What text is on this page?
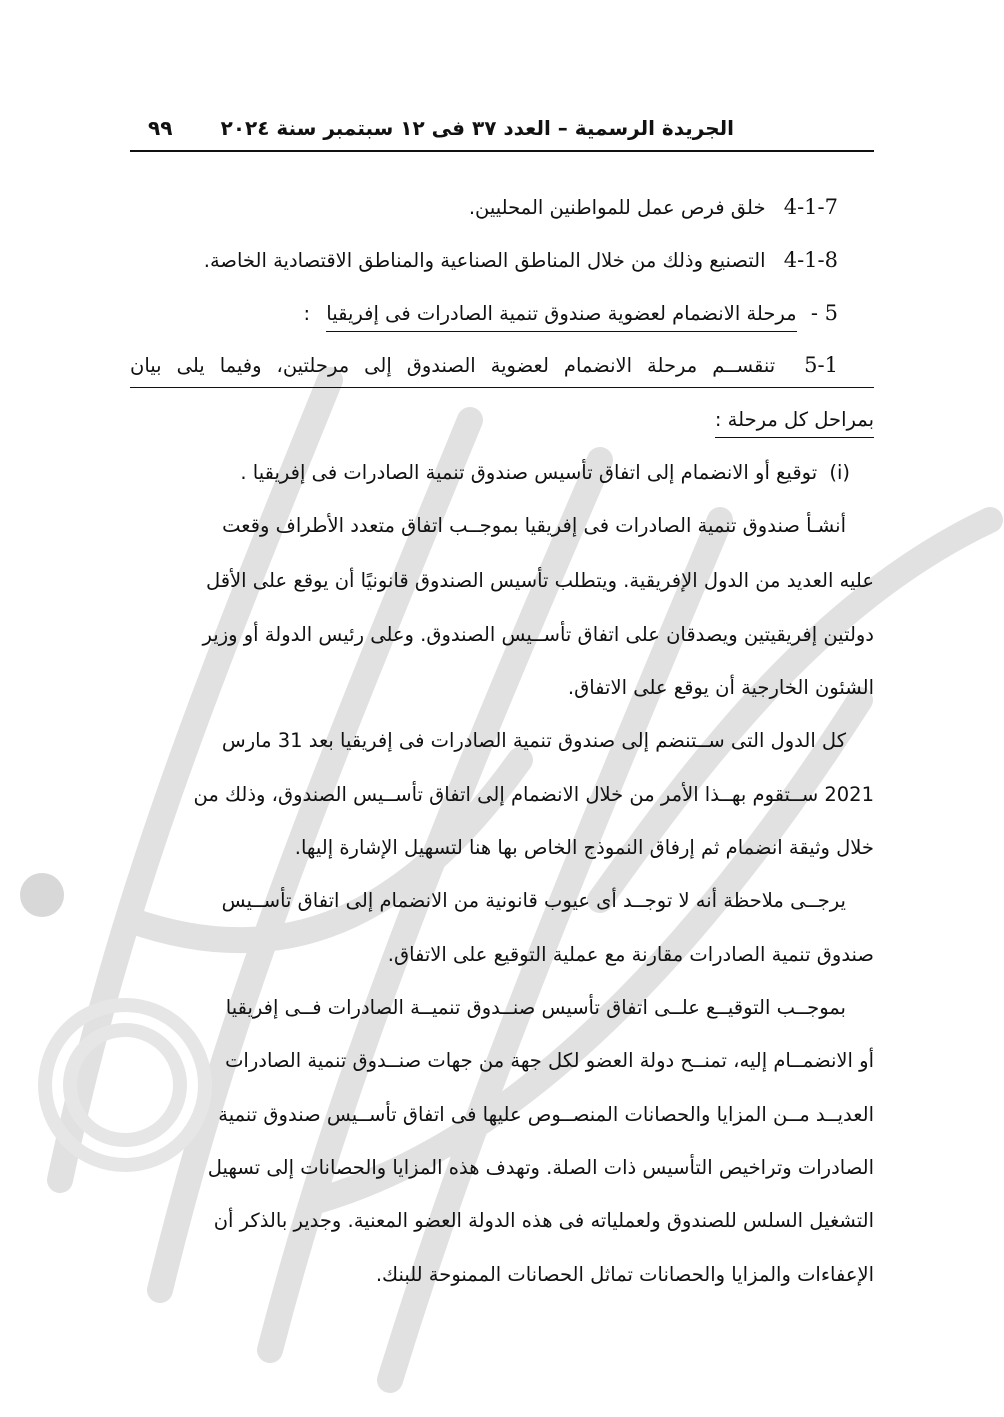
الجريدة الرسمية – العدد ٣٧ فى ١٢ سبتمبر سنة ٢٠٢٤
٩٩
4-1-7 خلق فرص عمل للمواطنين المحليين.
4-1-8 التصنيع وذلك من خلال المناطق الصناعية والمناطق الاقتصادية الخاصة.
5 - مرحلة الانضمام لعضوية صندوق تنمية الصادرات فى إفريقيا :
5-1 تنقســم مرحلة الانضمام لعضوية الصندوق إلى مرحلتين، وفيما يلى بيان
بمراحل كل مرحلة :
(i) توقيع أو الانضمام إلى اتفاق تأسيس صندوق تنمية الصادرات فى إفريقيا .
أنشـأ صندوق تنمية الصادرات فى إفريقيا بموجــب اتفاق متعدد الأطراف وقعت
عليه العديد من الدول الإفريقية. ويتطلب تأسيس الصندوق قانونيًا أن يوقع على الأقل
دولتين إفريقيتين ويصدقان على اتفاق تأســيس الصندوق. وعلى رئيس الدولة أو وزير
الشئون الخارجية أن يوقع على الاتفاق.
كل الدول التى ســتنضم إلى صندوق تنمية الصادرات فى إفريقيا بعد 31 مارس
2021 ســتقوم بهــذا الأمر من خلال الانضمام إلى اتفاق تأســيس الصندوق، وذلك من
خلال وثيقة انضمام ثم إرفاق النموذج الخاص بها هنا لتسهيل الإشارة إليها.
يرجــى ملاحظة أنه لا توجــد أى عيوب قانونية من الانضمام إلى اتفاق تأســيس
صندوق تنمية الصادرات مقارنة مع عملية التوقيع على الاتفاق.
بموجــب التوقيــع علــى اتفاق تأسيس صنــدوق تنميــة الصادرات فــى إفريقيا
أو الانضمــام إليه، تمنــح دولة العضو لكل جهة من جهات صنــدوق تنمية الصادرات
العديــد مــن المزايا والحصانات المنصــوص عليها فى اتفاق تأســيس صندوق تنمية
الصادرات وتراخيص التأسيس ذات الصلة. وتهدف هذه المزايا والحصانات إلى تسهيل
التشغيل السلس للصندوق ولعملياته فى هذه الدولة العضو المعنية. وجدير بالذكر أن
الإعفاءات والمزايا والحصانات تماثل الحصانات الممنوحة للبنك.
